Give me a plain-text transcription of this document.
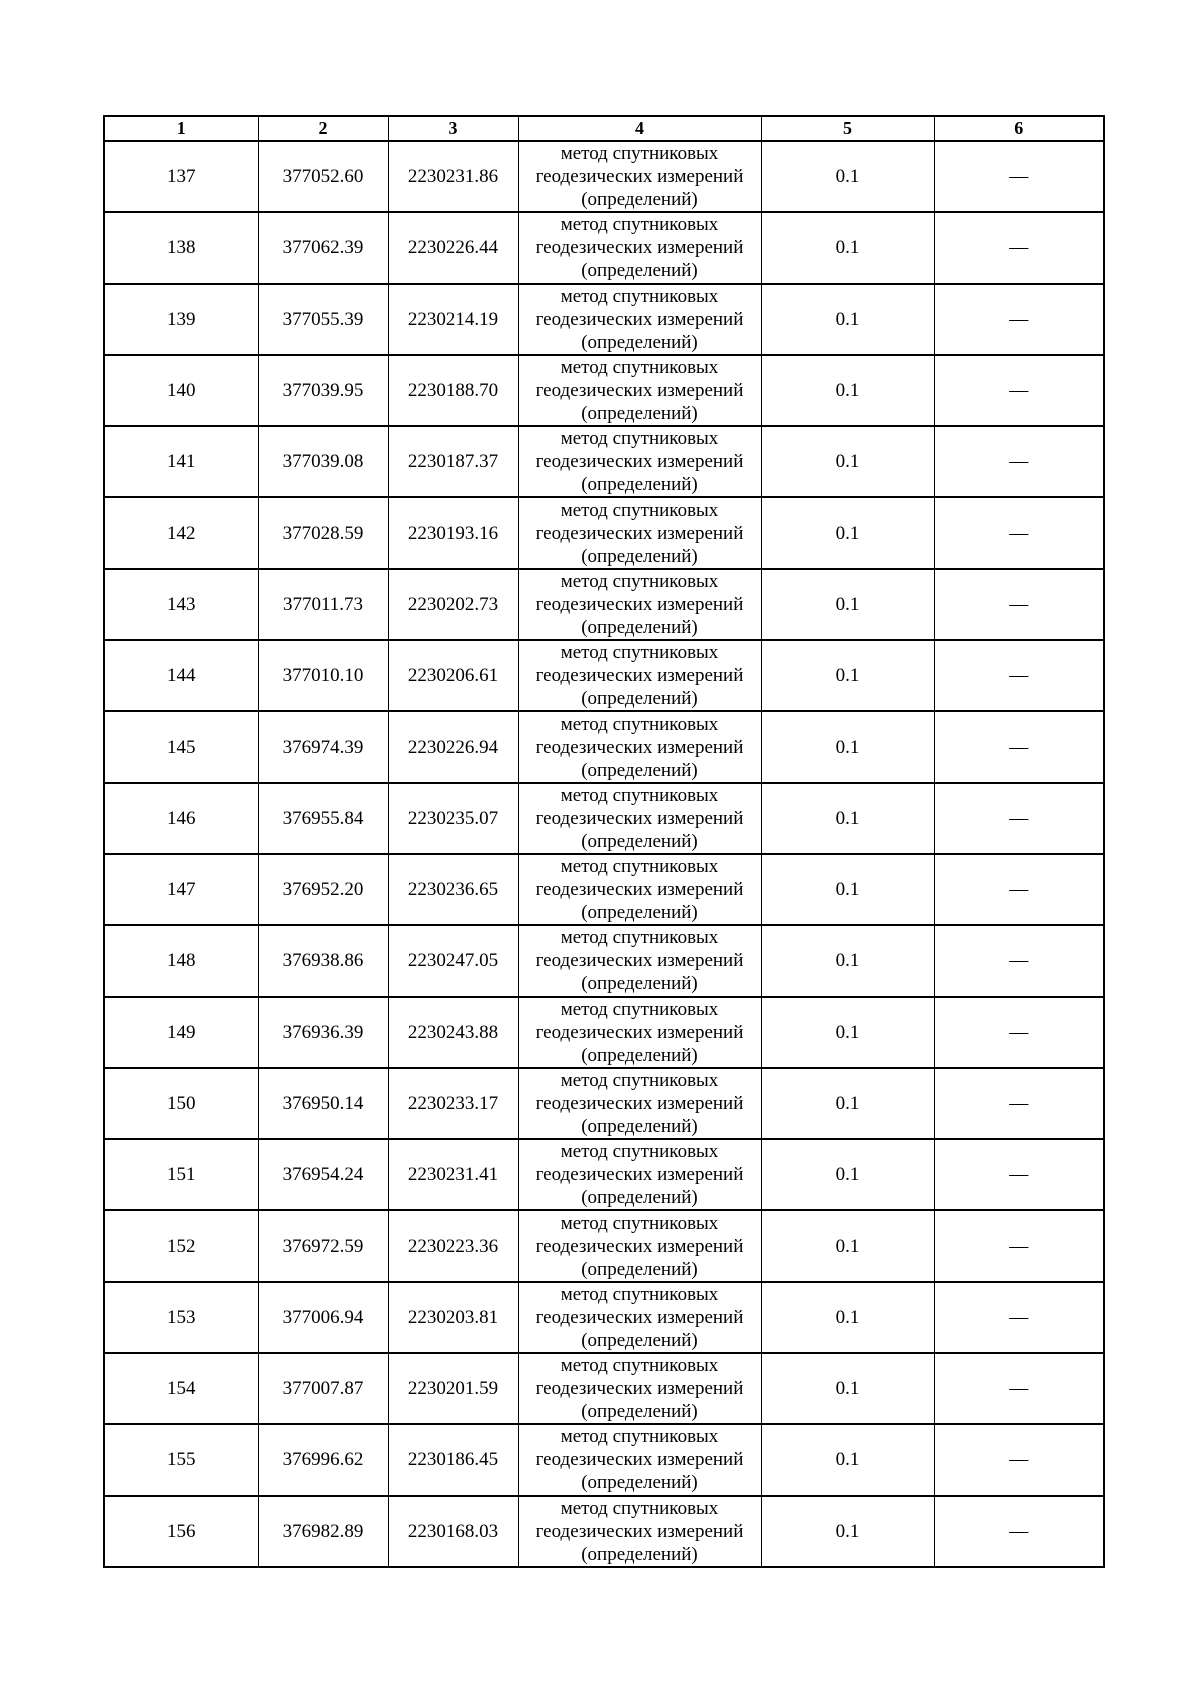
1	2	3	4	5	6
137	377052.60	2230231.86	метод спутниковых
геодезических измерений
(определений)	0.1	—
138	377062.39	2230226.44	метод спутниковых
геодезических измерений
(определений)	0.1	—
139	377055.39	2230214.19	метод спутниковых
геодезических измерений
(определений)	0.1	—
140	377039.95	2230188.70	метод спутниковых
геодезических измерений
(определений)	0.1	—
141	377039.08	2230187.37	метод спутниковых
геодезических измерений
(определений)	0.1	—
142	377028.59	2230193.16	метод спутниковых
геодезических измерений
(определений)	0.1	—
143	377011.73	2230202.73	метод спутниковых
геодезических измерений
(определений)	0.1	—
144	377010.10	2230206.61	метод спутниковых
геодезических измерений
(определений)	0.1	—
145	376974.39	2230226.94	метод спутниковых
геодезических измерений
(определений)	0.1	—
146	376955.84	2230235.07	метод спутниковых
геодезических измерений
(определений)	0.1	—
147	376952.20	2230236.65	метод спутниковых
геодезических измерений
(определений)	0.1	—
148	376938.86	2230247.05	метод спутниковых
геодезических измерений
(определений)	0.1	—
149	376936.39	2230243.88	метод спутниковых
геодезических измерений
(определений)	0.1	—
150	376950.14	2230233.17	метод спутниковых
геодезических измерений
(определений)	0.1	—
151	376954.24	2230231.41	метод спутниковых
геодезических измерений
(определений)	0.1	—
152	376972.59	2230223.36	метод спутниковых
геодезических измерений
(определений)	0.1	—
153	377006.94	2230203.81	метод спутниковых
геодезических измерений
(определений)	0.1	—
154	377007.87	2230201.59	метод спутниковых
геодезических измерений
(определений)	0.1	—
155	376996.62	2230186.45	метод спутниковых
геодезических измерений
(определений)	0.1	—
156	376982.89	2230168.03	метод спутниковых
геодезических измерений
(определений)	0.1	—
